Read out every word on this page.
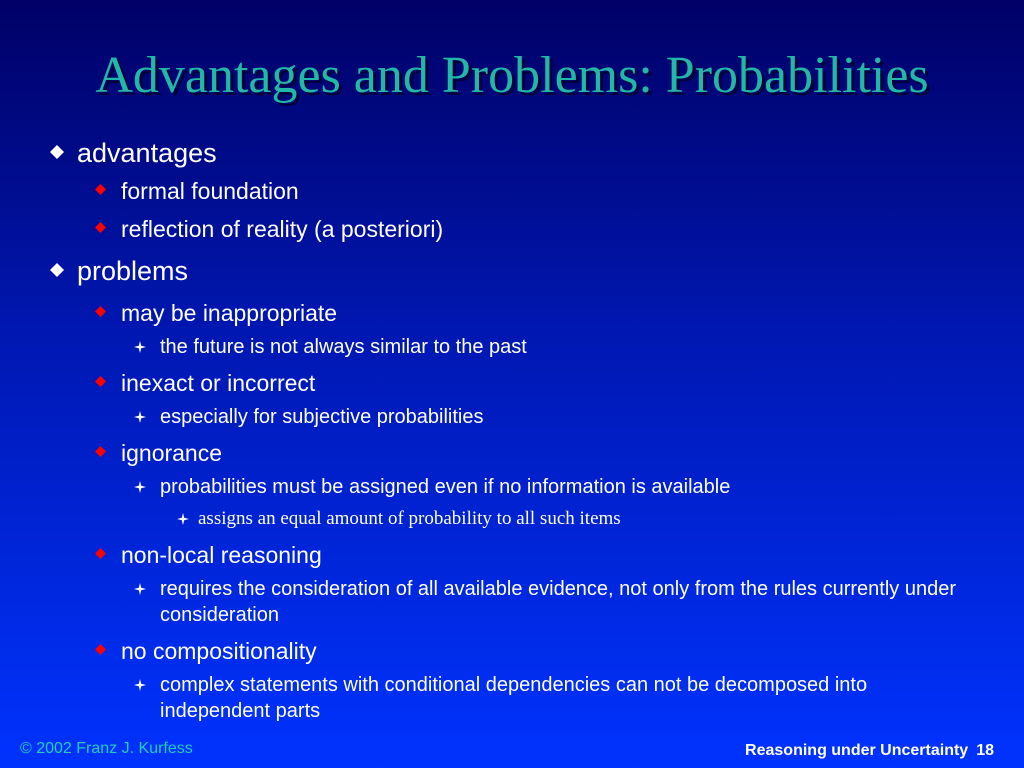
Advantages and Problems: Probabilities
advantages
formal foundation
reflection of reality (a posteriori)
problems
may be inappropriate
the future is not always similar to the past
inexact or incorrect
especially for subjective probabilities
ignorance
probabilities must be assigned even if no information is available
assigns an equal amount of probability to all such items
non-local reasoning
requires the consideration of all available evidence, not only from the rules currently under consideration
no compositionality
complex statements with conditional dependencies can not be decomposed into independent parts
© 2002 Franz J. Kurfess	Reasoning under Uncertainty 18
